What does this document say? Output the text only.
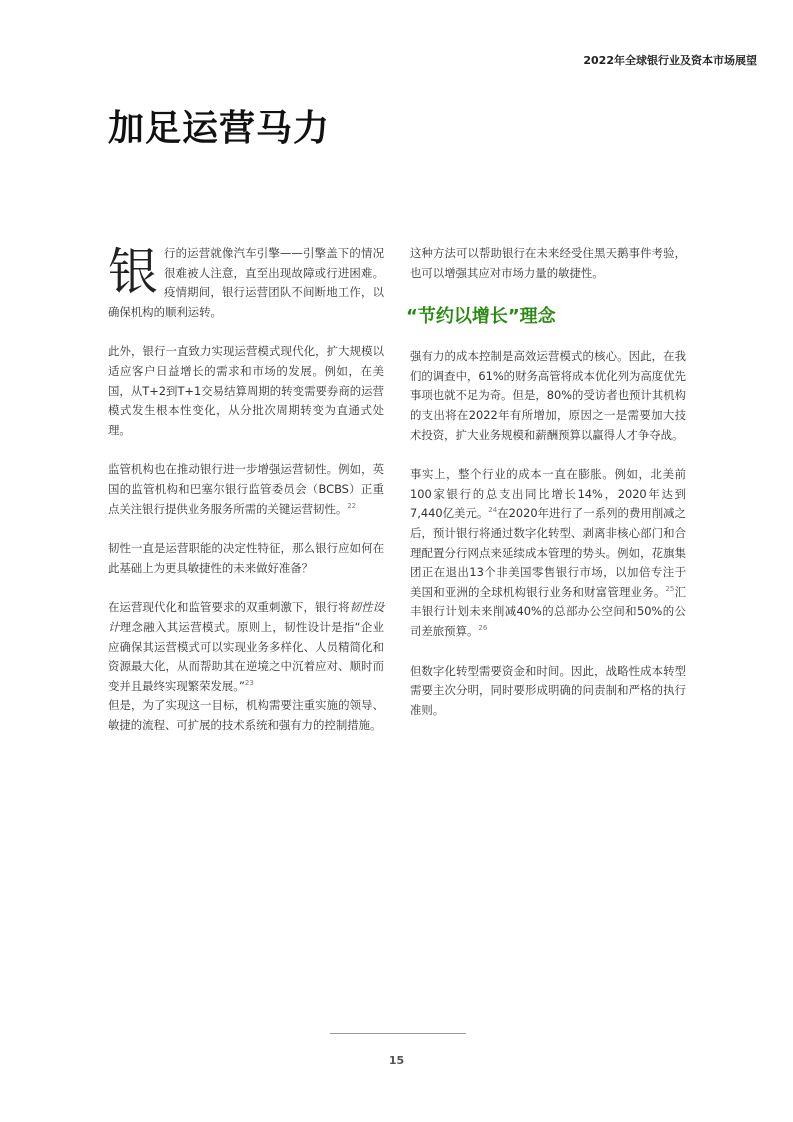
2022年全球银行业及资本市场展望
加足运营马力

银行的运营就像汽车引擎——引擎盖下的情况很难被人注意，直至出现故障或行进困难。疫情期间，银行运营团队不间断地工作，以确保机构的顺利运转。

此外，银行一直致力实现运营模式现代化，扩大规模以适应客户日益增长的需求和市场的发展。例如，在美国，从T+2到T+1交易结算周期的转变需要券商的运营模式发生根本性变化，从分批次周期转变为直通式处理。

监管机构也在推动银行进一步增强运营韧性。例如，英国的监管机构和巴塞尔银行监管委员会（BCBS）正重点关注银行提供业务服务所需的关键运营韧性。$^{22}$

韧性一直是运营职能的决定性特征，那么银行应如何在此基础上为更具敏捷性的未来做好准备？

在运营现代化和监管要求的双重刺激下，银行将韧性设计理念融入其运营模式。原则上，韧性设计是指“企业应确保其运营模式可以实现业务多样化、人员精简化和资源最大化，从而帮助其在逆境之中沉着应对、顺时而变并且最终实现繁荣发展。”$^{23}$
但是，为了实现这一目标，机构需要注重实施的领导、敏捷的流程、可扩展的技术系统和强有力的控制措施。

这种方法可以帮助银行在未来经受住黑天鹅事件考验，也可以增强其应对市场力量的敏捷性。

“节约以增长”理念

强有力的成本控制是高效运营模式的核心。因此，在我们的调查中，61%的财务高管将成本优化列为高度优先事项也就不足为奇。但是，80%的受访者也预计其机构的支出将在2022年有所增加，原因之一是需要加大技术投资，扩大业务规模和薪酬预算以赢得人才争夺战。

事实上，整个行业的成本一直在膨胀。例如，北美前100家银行的总支出同比增长14%，2020年达到7,440亿美元。$^{24}$在2020年进行了一系列的费用削减之后，预计银行将通过数字化转型、剥离非核心部门和合理配置分行网点来延续成本管理的势头。例如，花旗集团正在退出13个非美国零售银行市场，以加倍专注于美国和亚洲的全球机构银行业务和财富管理业务。$^{25}$汇丰银行计划未来削减40%的总部办公空间和50%的公司差旅预算。$^{26}$

但数字化转型需要资金和时间。因此，战略性成本转型需要主次分明，同时要形成明确的问责制和严格的执行准则。

15
